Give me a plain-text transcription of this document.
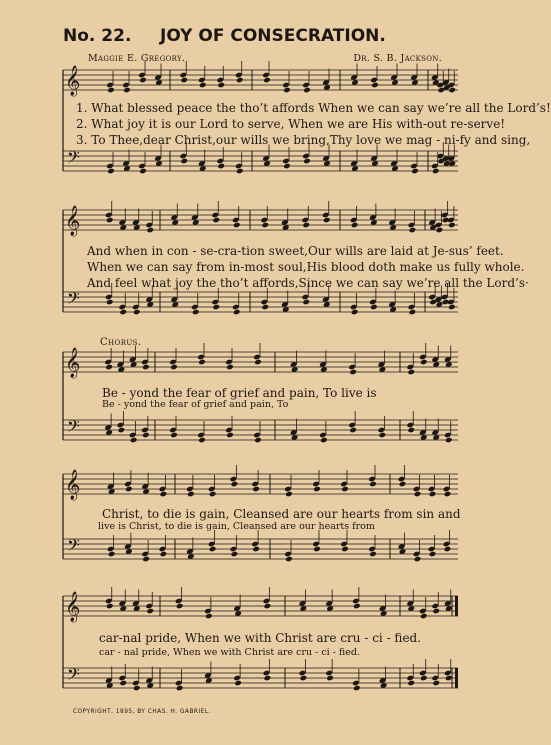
No. 22. JOY OF CONSECRATION.
Maggie E. Gregory.	Dr. S. B. Jackson.
𝄞
𝄢
𝄞
𝄢
𝄞
𝄢
𝄞
𝄢
𝄞
𝄢
1. What blessed peace the tho’t affords When we can say we’re all the Lord’s!
2. What joy it is our Lord to serve, When we are His with-out re-serve!
3. To Thee,dear Christ,our wills we bring,Thy love we mag - ni-fy and sing,
And when in con - se-cra-tion sweet,Our wills are laid at Je-sus’ feet.
When we can say from in-most soul,His blood doth make us fully whole.
And feel what joy the tho’t affords,Since we can say we’re all the Lord’s·
Chorus.
Be - yond the fear of grief and pain, To live is
Be - yond the fear of grief and pain, To
Christ, to die is gain, Cleansed are our hearts from sin and
live is Christ, to die is gain, Cleansed are our hearts from
car-nal pride, When we with Christ are cru - ci - fied.
car - nal pride, When we with Christ are cru - ci - fied.
COPYRIGHT, 1895, BY CHAS. H. GABRIEL.
